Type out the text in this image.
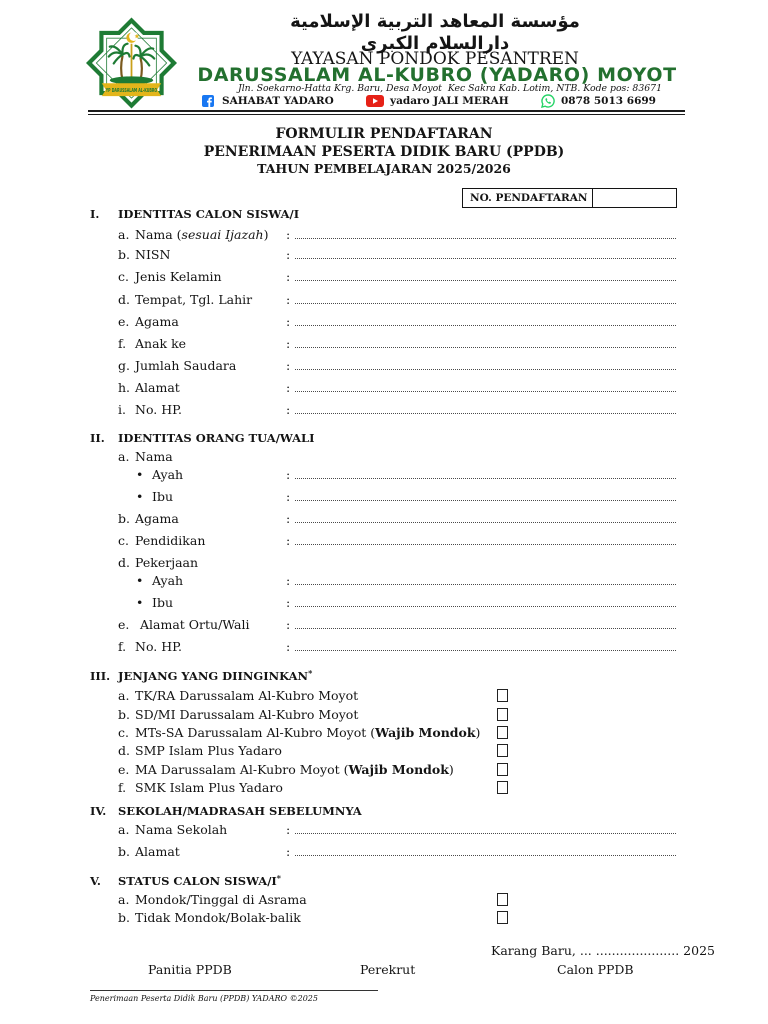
YP DARUSSALAM AL-KUBRO
مؤسسة المعاهد التربية الإسلامية
دارالسلام الكبرى
YAYASAN PONDOK PESANTREN
DARUSSALAM AL-KUBRO (YADARO) MOYOT
Jln. Soekarno-Hatta Krg. Baru, Desa Moyot  Kec Sakra Kab. Lotim, NTB. Kode pos: 83671
SAHABAT YADARO	yadaro JALI MERAH	0878 5013 6699
FORMULIR PENDAFTARAN
PENERIMAAN PESERTA DIDIK BARU (PPDB)
TAHUN PEMBELAJARAN 2025/2026
NO. PENDAFTARAN
I. IDENTITAS CALON SISWA/I
a. Nama (sesuai Ijazah) :
b. NISN	:
c. Jenis Kelamin	:
d. Tempat, Tgl. Lahir	:
e. Agama	:
f. Anak ke	:
g. Jumlah Saudara	:
h. Alamat	:
i. No. HP.	:
II. IDENTITAS ORANG TUA/WALI
a. Nama
• Ayah	:
• Ibu	:
b. Agama	:
c. Pendidikan	:
d. Pekerjaan
• Ayah	:
• Ibu	:
e. Alamat Ortu/Wali	:
f. No. HP.	:
III. JENJANG YANG DIINGINKAN*
a. TK/RA Darussalam Al-Kubro Moyot
b. SD/MI Darussalam Al-Kubro Moyot
c. MTs-SA Darussalam Al-Kubro Moyot (Wajib Mondok)
d. SMP Islam Plus Yadaro
e. MA Darussalam Al-Kubro Moyot (Wajib Mondok)
f. SMK Islam Plus Yadaro
IV. SEKOLAH/MADRASAH SEBELUMNYA
a. Nama Sekolah	:
b. Alamat	:
V. STATUS CALON SISWA/I*
a. Mondok/Tinggal di Asrama
b. Tidak Mondok/Bolak-balik
Karang Baru, ... ..................... 2025
Panitia PPDB	Perekrut	Calon PPDB
Penerimaan Peserta Didik Baru (PPDB) YADARO ©2025
